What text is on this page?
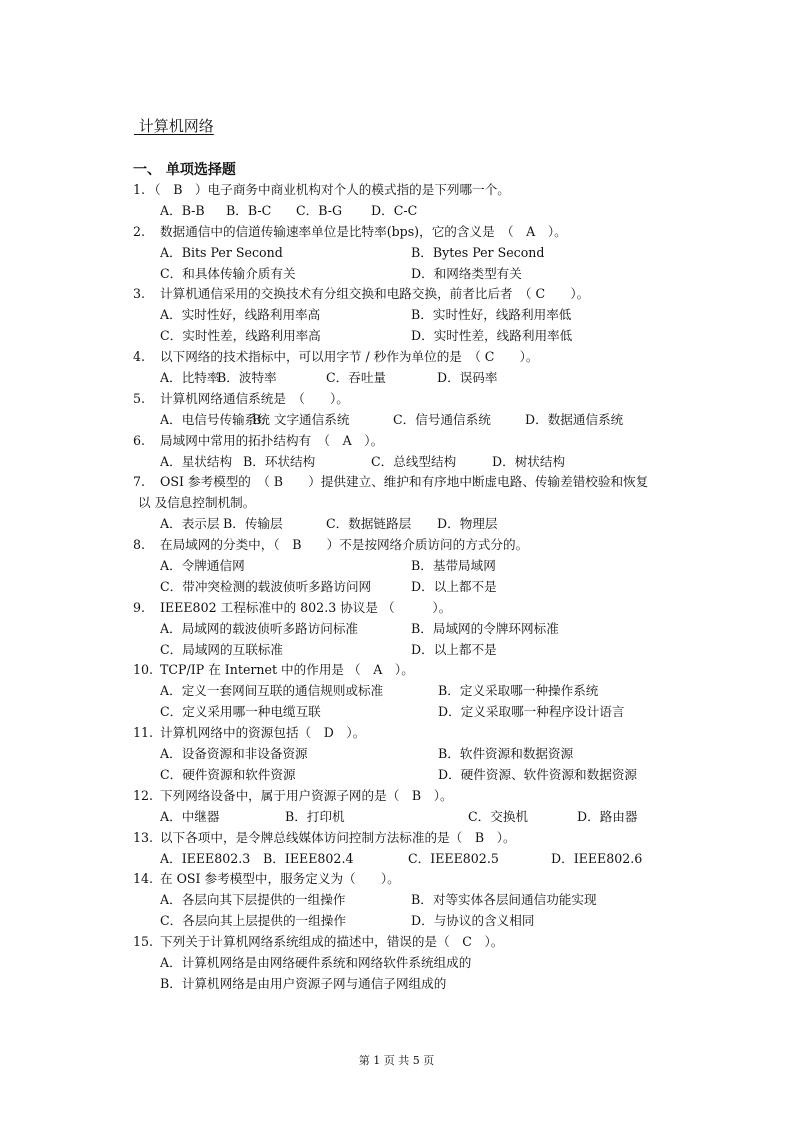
计算机网络
一、 单项选择题
1. （　B　）电子商务中商业机构对个人的模式指的是下列哪一个。
A．B-B B．B-C C．B-G D．C-C
2. 数据通信中的信道传输速率单位是比特率(bps)，它的含义是　（　A　）。
A．Bits Per Second	B．Bytes Per Second
C．和具体传输介质有关	D．和网络类型有关
3. 计算机通信采用的交换技术有分组交换和电路交换，前者比后者　（ C　　）。
A．实时性好，线路利用率高	B．实时性好，线路利用率低
C．实时性差，线路利用率高	D．实时性差，线路利用率低
4. 以下网络的技术指标中，可以用字节 / 秒作为单位的是　（ C　　）。
A．比特率
B．波特率	C．吞吐量	D．误码率
5. 计算机网络通信系统是　（　　）。
A．电信号传输系统
B．文字通信系统	C．信号通信系统	D．数据通信系统
6. 局域网中常用的拓扑结构有　（　A　）。
A．星状结构 B．环状结构	C．总线型结构	D．树状结构
7. OSI 参考模型的　（ B　　）提供建立、维护和有序地中断虚电路、传输差错校验和恢复
以 及信息控制机制。
A．表示层 B．传输层	C．数据链路层 D．物理层
8. 在局域网的分类中，（　B　　）不是按网络介质访问的方式分的。
A．令牌通信网	B．基带局域网
C．带冲突检测的载波侦听多路访问网	D．以上都不是
9. IEEE802 工程标准中的 802.3 协议是 （　　　）。
A．局域网的载波侦听多路访问标准	B．局域网的令牌环网标准
C．局域网的互联标准	D．以上都不是
10. TCP/IP 在 Internet 中的作用是 （　A　）。
A．定义一套网间互联的通信规则或标准	B．定义采取哪一种操作系统
C．定义采用哪一种电缆互联	D．定义采取哪一种程序设计语言
11. 计算机网络中的资源包括（　D　）。
A．设备资源和非设备资源	B．软件资源和数据资源
C．硬件资源和软件资源	D．硬件资源、软件资源和数据资源
12. 下列网络设备中，属于用户资源子网的是（　B　）。
A．中继器	B．打印机	C．交换机	D．路由器
13. 以下各项中，是令牌总线媒体访问控制方法标准的是（　B　）。
A．IEEE802.3 B．IEEE802.4	C．IEEE802.5	D．IEEE802.6
14. 在 OSI 参考模型中，服务定义为（　　）。
A．各层向其下层提供的一组操作	B．对等实体各层间通信功能实现
C．各层向其上层提供的一组操作	D．与协议的含义相同
15. 下列关于计算机网络系统组成的描述中，错误的是（　C　）。
A．计算机网络是由网络硬件系统和网络软件系统组成的
B．计算机网络是由用户资源子网与通信子网组成的
第 1 页 共 5 页
